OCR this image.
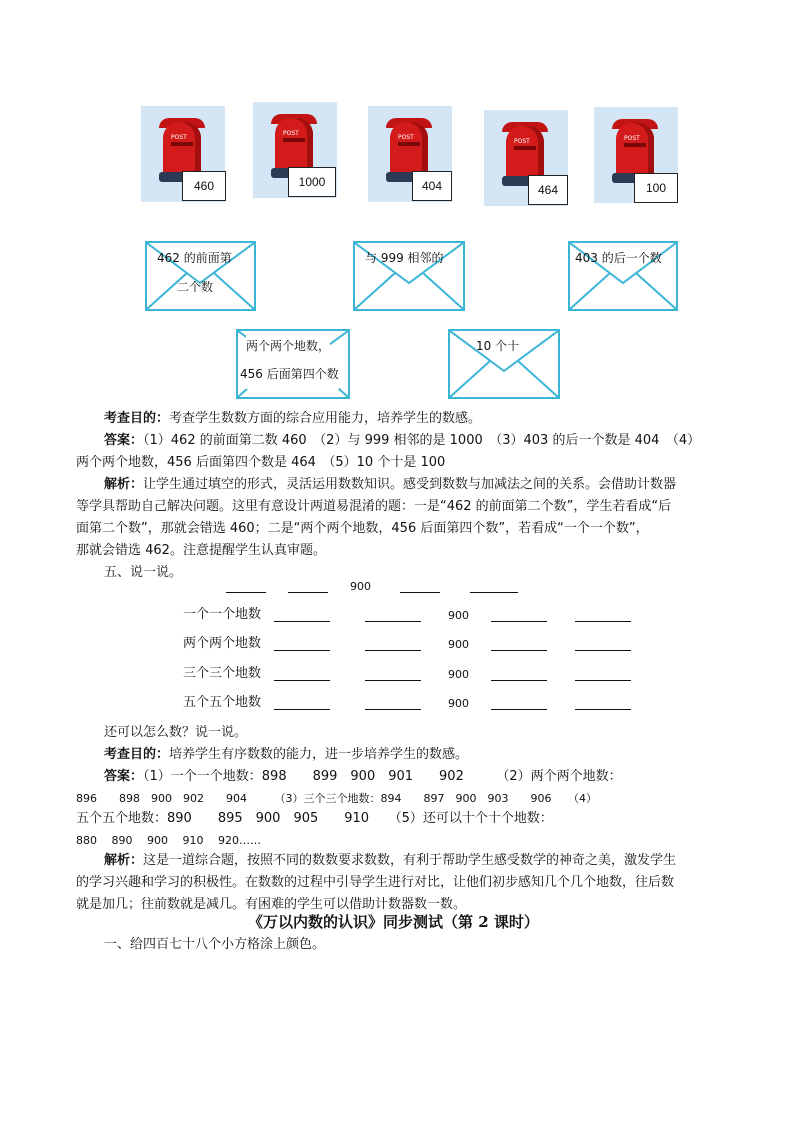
POST
460
POST
1000
POST
404
POST
464
POST
100
462 的前面第
二个数
与 999 相邻的	403 的后一个数
两个两个地数，
456 后面第四个数
10 个十
考查目的：考查学生数数方面的综合应用能力，培养学生的数感。
答案：（1）462 的前面第二数 460　（2）与 999 相邻的是 1000　（3）403 的后一个数是 404　（4）
两个两个地数，456 后面第四个数是 464　（5）10 个十是 100
解析：让学生通过填空的形式，灵活运用数数知识。感受到数数与加减法之间的关系。会借助计数器
等学具帮助自己解决问题。这里有意设计两道易混淆的题：一是“462 的前面第二个数”，学生若看成“后
面第二个数”，那就会错选 460；二是“两个两个地数，456 后面第四个数”，若看成“一个一个数”，
那就会错选 462。注意提醒学生认真审题。
五、说一说。
900
一个一个地数	900
两个两个地数	900
三个三个地数	900
五个五个地数	900
还可以怎么数？说一说。
考查目的：培养学生有序数数的能力，进一步培养学生的数感。
答案：（1）一个一个地数：898　　899　900　901　　902　　　（2）两个两个地数：
896　　898　900　902　　904　　　（3）三个三个地数：894　　897　900　903　　906　　（4）
五个五个地数：890　　895　900　905　　910　　（5）还可以十个十个地数：
880　 890　 900　 910　 920……
解析：这是一道综合题，按照不同的数数要求数数，有利于帮助学生感受数学的神奇之美，激发学生
的学习兴趣和学习的积极性。在数数的过程中引导学生进行对比，让他们初步感知几个几个地数，往后数
就是加几；往前数就是减几。有困难的学生可以借助计数器数一数。
《万以内数的认识》同步测试（第 2 课时）
一、给四百七十八个小方格涂上颜色。
